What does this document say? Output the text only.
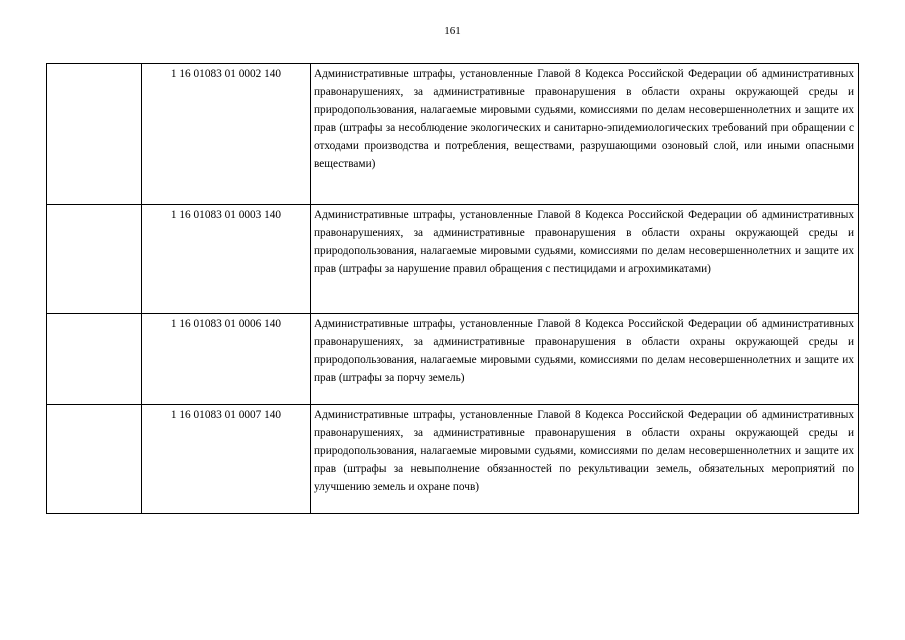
161
	1 16 01083 01 0002 140	Административные штрафы, установленные Главой 8 Кодекса Российской Федерации об административных правонарушениях, за административные правонарушения в области охраны окружающей среды и природопользования, налагаемые мировыми судьями, комиссиями по делам несовершеннолетних и защите их прав (штрафы за несоблюдение экологических и санитарно-эпидемиологических требований при обращении с отходами производства и потребления, веществами, разрушающими озоновый слой, или иными опасными веществами)
	1 16 01083 01 0003 140	Административные штрафы, установленные Главой 8 Кодекса Российской Федерации об административных правонарушениях, за административные правонарушения в области охраны окружающей среды и природопользования, налагаемые мировыми судьями, комиссиями по делам несовершеннолетних и защите их прав (штрафы за нарушение правил обращения с пестицидами и агрохимикатами)
	1 16 01083 01 0006 140	Административные штрафы, установленные Главой 8 Кодекса Российской Федерации об административных правонарушениях, за административные правонарушения в области охраны окружающей среды и природопользования, налагаемые мировыми судьями, комиссиями по делам несовершеннолетних и защите их прав (штрафы за порчу земель)
	1 16 01083 01 0007 140	Административные штрафы, установленные Главой 8 Кодекса Российской Федерации об административных правонарушениях, за административные правонарушения в области охраны окружающей среды и природопользования, налагаемые мировыми судьями, комиссиями по делам несовершеннолетних и защите их прав (штрафы за невыполнение обязанностей по рекультивации земель, обязательных мероприятий по улучшению земель и охране почв)
